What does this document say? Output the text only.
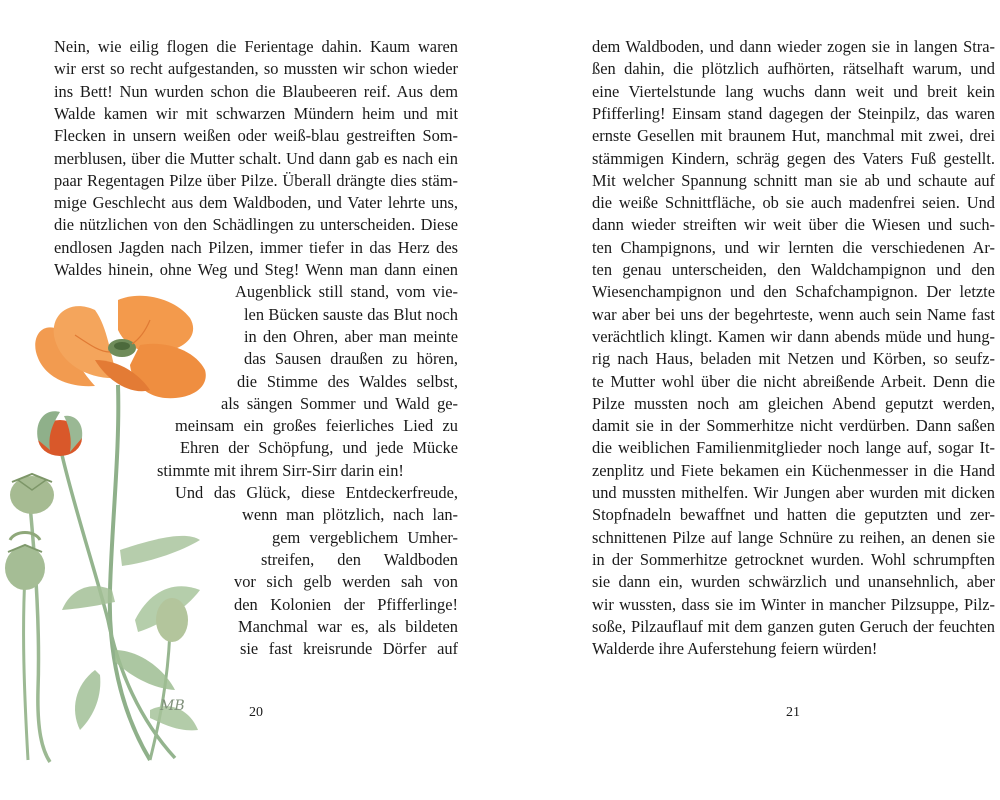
Nein, wie eilig flogen die Ferientage dahin. Kaum waren

wir erst so recht aufgestanden, so mussten wir schon wieder

ins Bett! Nun wurden schon die Blaubeeren reif. Aus dem

Walde kamen wir mit schwarzen Mündern heim und mit

Flecken in unsern weißen oder weiß-blau gestreiften Som-

merblusen, über die Mutter schalt. Und dann gab es nach ein

paar Regentagen Pilze über Pilze. Überall drängte dies stäm-

mige Geschlecht aus dem Waldboden, und Vater lehrte uns,

die nützlichen von den Schädlingen zu unterscheiden. Diese

endlosen Jagden nach Pilzen, immer tiefer in das Herz des

Waldes hinein, ohne Weg und Steg! Wenn man dann einen

Augenblick still stand, vom vie-

len Bücken sauste das Blut noch

in den Ohren, aber man meinte

das Sausen draußen zu hören,

die Stimme des Waldes selbst,

als sängen Sommer und Wald ge-

meinsam ein großes feierliches Lied zu

Ehren der Schöpfung, und jede Mücke

stimmte mit ihrem Sirr-Sirr darin ein!

Und das Glück, diese Entdeckerfreude,

wenn man plötzlich, nach lan-

gem vergeblichem Umher-

streifen, den Waldboden

vor sich gelb werden sah von

den Kolonien der Pfifferlinge!

Manchmal war es, als bildeten

sie fast kreisrunde Dörfer auf

MB	20

dem Waldboden, und dann wieder zogen sie in langen Stra-

ßen dahin, die plötzlich aufhörten, rätselhaft warum, und

eine Viertelstunde lang wuchs dann weit und breit kein

Pfifferling! Einsam stand dagegen der Steinpilz, das waren

ernste Gesellen mit braunem Hut, manchmal mit zwei, drei

stämmigen Kindern, schräg gegen des Vaters Fuß gestellt.

Mit welcher Spannung schnitt man sie ab und schaute auf

die weiße Schnittfläche, ob sie auch madenfrei seien. Und

dann wieder streiften wir weit über die Wiesen und such-

ten Champignons, und wir lernten die verschiedenen Ar-

ten genau unterscheiden, den Waldchampignon und den

Wiesenchampignon und den Schafchampignon. Der letzte

war aber bei uns der begehrteste, wenn auch sein Name fast

verächtlich klingt. Kamen wir dann abends müde und hung-

rig nach Haus, beladen mit Netzen und Körben, so seufz-

te Mutter wohl über die nicht abreißende Arbeit. Denn die

Pilze mussten noch am gleichen Abend geputzt werden,

damit sie in der Sommerhitze nicht verdürben. Dann saßen

die weiblichen Familienmitglieder noch lange auf, sogar It-

zenplitz und Fiete bekamen ein Küchenmesser in die Hand

und mussten mithelfen. Wir Jungen aber wurden mit dicken

Stopfnadeln bewaffnet und hatten die geputzten und zer-

schnittenen Pilze auf lange Schnüre zu reihen, an denen sie

in der Sommerhitze getrocknet wurden. Wohl schrumpften

sie dann ein, wurden schwärzlich und unansehnlich, aber

wir wussten, dass sie im Winter in mancher Pilzsuppe, Pilz-

soße, Pilzauflauf mit dem ganzen guten Geruch der feuchten

Walderde ihre Auferstehung feiern würden!

21
